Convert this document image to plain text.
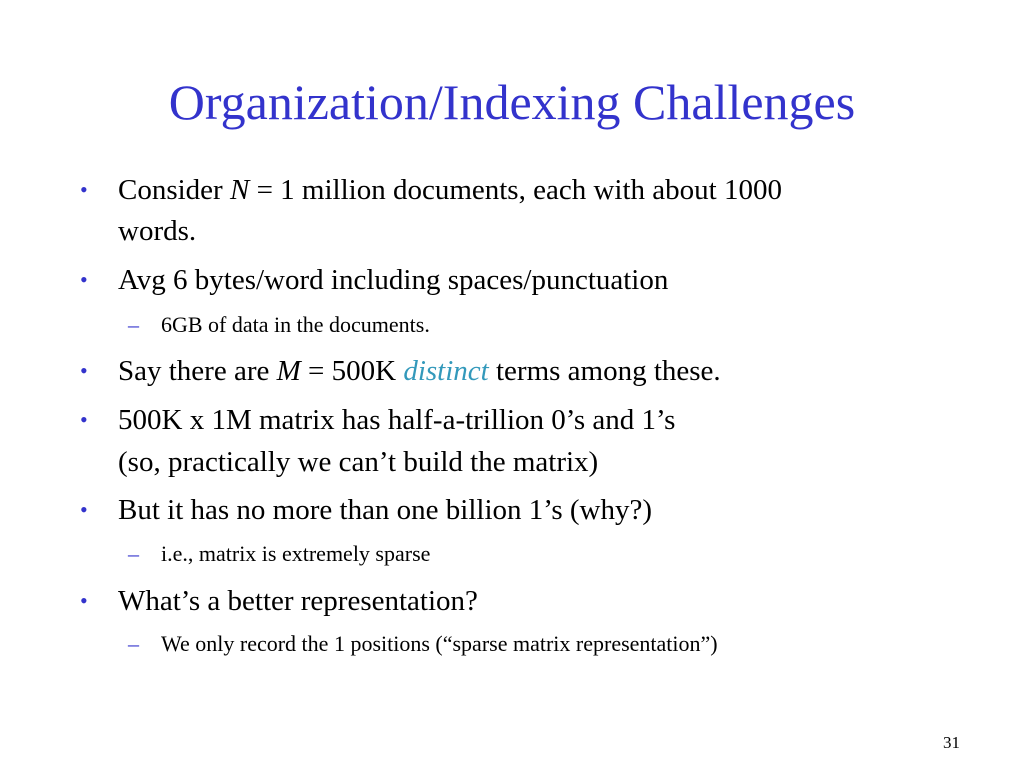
Organization/Indexing Challenges
•	Consider N = 1 million documents, each with about 1000
words.
•	Avg 6 bytes/word including spaces/punctuation
– 6GB of data in the documents.
•	Say there are M = 500K distinct terms among these.
•	500K x 1M matrix has half-a-trillion 0’s and 1’s
(so, practically we can’t build the matrix)
•	But it has no more than one billion 1’s (why?)
– i.e., matrix is extremely sparse
•	What’s a better representation?
– We only record the 1 positions (“sparse matrix representation”)
31
